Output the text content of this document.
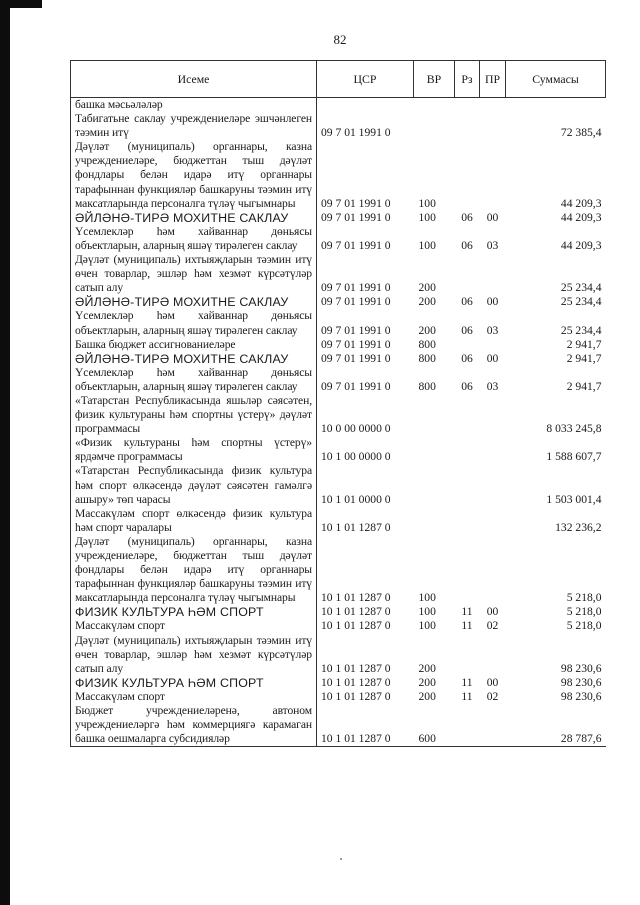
82
Исеме	ЦСР	ВР	Рз	ПР	Суммасы
башка мәсьәләләр
Табигатьне саклау учреждениеләре эшчәнлеген тәэмин итү	09 7 01 1991 0				72 385,4
Дәүләт (муниципаль) органнары, казна учреждениеләре, бюджеттан тыш дәүләт фондлары белән идарә итү органнары тарафыннан функцияләр башкаруны тәэмин итү максатларында персоналга түләү чыгымнары	09 7 01 1991 0	100			44 209,3
ӘЙЛӘНӘ-ТИРӘ МОХИТНЕ САКЛАУ	09 7 01 1991 0	100	06	00	44 209,3
Үсемлекләр һәм хайваннар дөньясы объектларын, аларның яшәү тирәлеген саклау	09 7 01 1991 0	100	06	03	44 209,3
Дәүләт (муниципаль) ихтыяҗларын тәэмин итү өчен товарлар, эшләр һәм хезмәт күрсәтүләр сатып алу	09 7 01 1991 0	200			25 234,4
ӘЙЛӘНӘ-ТИРӘ МОХИТНЕ САКЛАУ	09 7 01 1991 0	200	06	00	25 234,4
Үсемлекләр һәм хайваннар дөньясы объектларын, аларның яшәү тирәлеген саклау	09 7 01 1991 0	200	06	03	25 234,4
Башка бюджет ассигнованиеләре	09 7 01 1991 0	800			2 941,7
ӘЙЛӘНӘ-ТИРӘ МОХИТНЕ САКЛАУ	09 7 01 1991 0	800	06	00	2 941,7
Үсемлекләр һәм хайваннар дөньясы объектларын, аларның яшәү тирәлеген саклау	09 7 01 1991 0	800	06	03	2 941,7
«Татарстан Республикасында яшьләр сәясәтен, физик культураны һәм спортны үстерү» дәүләт программасы	10 0 00 0000 0				8 033 245,8
«Физик культураны һәм спортны үстерү» ярдәмче программасы	10 1 00 0000 0				1 588 607,7
«Татарстан Республикасында физик культура һәм спорт өлкәсендә дәүләт сәясәтен гамәлгә ашыру» төп чарасы	10 1 01 0000 0				1 503 001,4
Массакүләм спорт өлкәсендә физик культура һәм спорт чаралары	10 1 01 1287 0				132 236,2
Дәүләт (муниципаль) органнары, казна учреждениеләре, бюджеттан тыш дәүләт фондлары белән идарә итү органнары тарафыннан функцияләр башкаруны тәэмин итү максатларында персоналга түләү чыгымнары	10 1 01 1287 0	100			5 218,0
ФИЗИК КУЛЬТУРА ҺӘМ СПОРТ	10 1 01 1287 0	100	11	00	5 218,0
Массакүләм спорт	10 1 01 1287 0	100	11	02	5 218,0
Дәүләт (муниципаль) ихтыяҗларын тәэмин итү өчен товарлар, эшләр һәм хезмәт күрсәтүләр сатып алу	10 1 01 1287 0	200			98 230,6
ФИЗИК КУЛЬТУРА ҺӘМ СПОРТ	10 1 01 1287 0	200	11	00	98 230,6
Массакүләм спорт	10 1 01 1287 0	200	11	02	98 230,6
Бюджет учреждениеләренә, автоном учреждениеләргә һәм коммерциягә карамаган башка оешмаларга субсидияләр	10 1 01 1287 0	600			28 787,6
